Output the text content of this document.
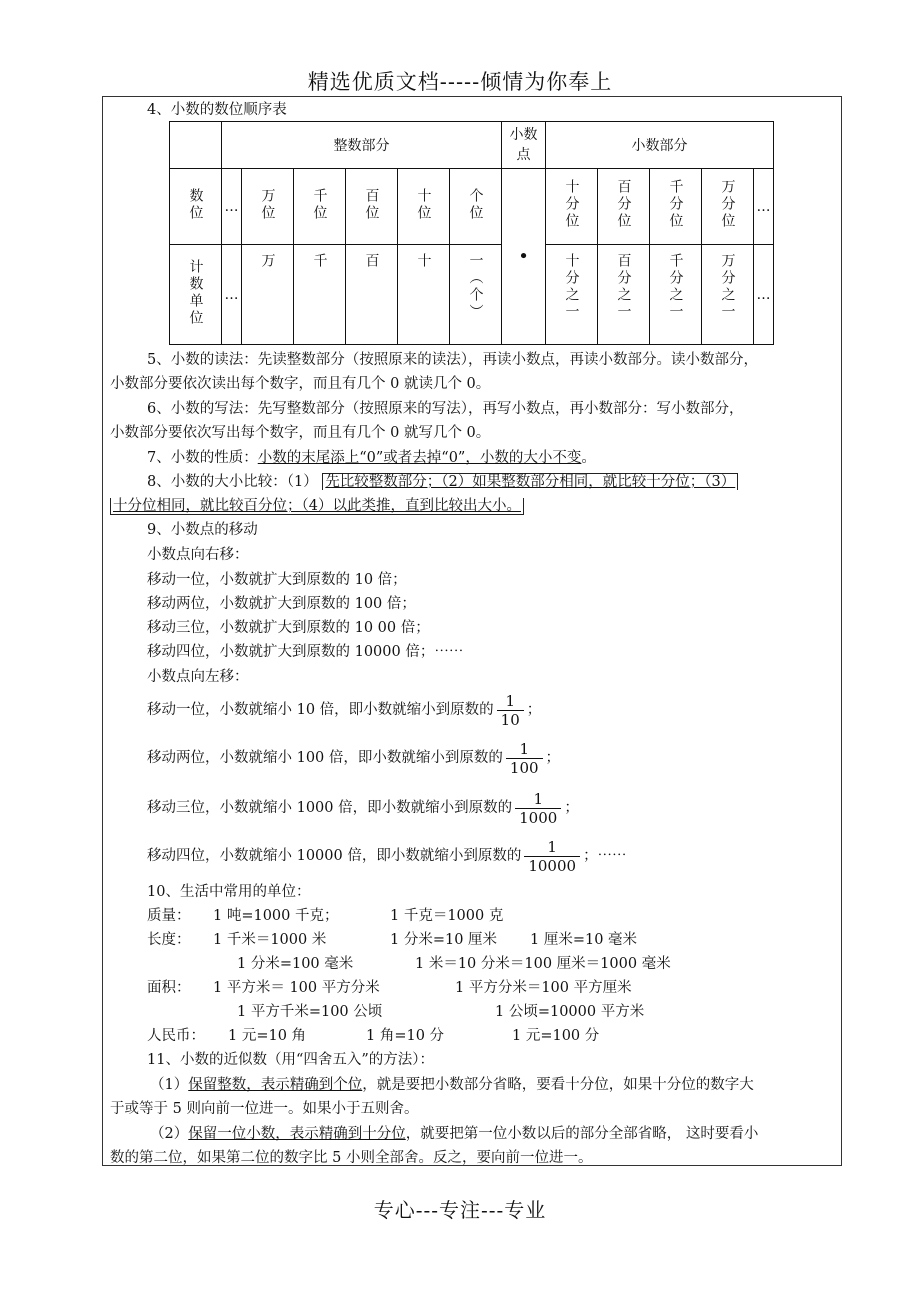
精选优质文档-----倾情为你奉上
4、小数的数位顺序表
	整数部分						小数点	小数部分				
数位	…	万位	千位	百位	十位	个位	•	十分位	百分位	千分位	万分位	…
计数单位	…	万	千	百	十	一（个）		十分之一	百分之一	千分之一	万分之一	…
5、小数的读法：先读整数部分（按照原来的读法），再读小数点，再读小数部分。读小数部分，
小数部分要依次读出每个数字，而且有几个 0 就读几个 0。
6、小数的写法：先写整数部分（按照原来的写法），再写小数点，再小数部分：写小数部分，
小数部分要依次写出每个数字，而且有几个 0 就写几个 0。
7、小数的性质：小数的末尾添上“0”或者去掉“0”，小数的大小不变。
8、小数的大小比较：（1） 先比较整数部分；（2）如果整数部分相同，就比较十分位；（3）
十分位相同，就比较百分位；（4）以此类推，直到比较出大小。
9、小数点的移动
小数点向右移：
移动一位，小数就扩大到原数的 10 倍；
移动两位，小数就扩大到原数的 100 倍；
移动三位，小数就扩大到原数的 10 00 倍；
移动四位，小数就扩大到原数的 10000 倍；⋯⋯
小数点向左移：
移动一位，小数就缩小 10 倍，即小数就缩小到原数的 $\frac{1}{10}$ ；
移动两位，小数就缩小 100 倍，即小数就缩小到原数的 $\frac{1}{100}$ ；
移动三位，小数就缩小 1000 倍，即小数就缩小到原数的 $\frac{1}{1000}$ ；
移动四位，小数就缩小 10000 倍，即小数就缩小到原数的 $\frac{1}{10000}$ ；⋯⋯
10、生活中常用的单位：
质量： 1 吨=1000 千克；	1 千克＝1000 克
长度： 1 千米＝1000 米	1 分米=10 厘米 1 厘米=10 毫米
1 分米=100 毫米	1 米＝10 分米＝100 厘米＝1000 毫米
面积： 1 平方米＝ 100 平方分米	1 平方分米＝100 平方厘米
1 平方千米=100 公顷	1 公顷=10000 平方米
人民币： 1 元=10 角	1 角=10 分	1 元=100 分
11、小数的近似数（用“四舍五入”的方法）：
（1）保留整数，表示精确到个位，就是要把小数部分省略，要看十分位，如果十分位的数字大
于或等于 5 则向前一位进一。如果小于五则舍。
（2）保留一位小数，表示精确到十分位，就要把第一位小数以后的部分全部省略， 这时要看小
数的第二位，如果第二位的数字比 5 小则全部舍。反之，要向前一位进一。
专心---专注---专业
